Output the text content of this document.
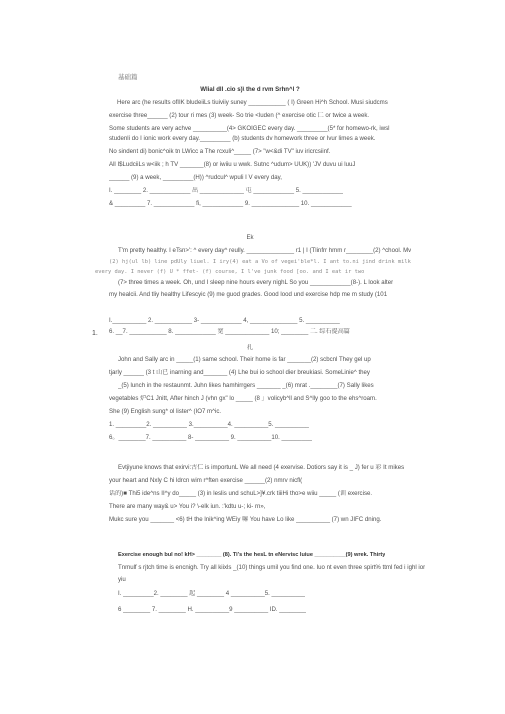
基础篇
Wlial dll .cio s)\ the d rvm Srhn^l ?
Here arc (he results ofIIK bludeiiLs tiuiviiy suney ___________ ( I) Green Hi^h School. Musi siudcms
exercise three______ (2) tour ri mes (3) week- So trie <luden (^ exercise otic 匚 or twice a week.
Some students are very achve __________(4> GKOIGEC every day. _________(5* for homewo-rk, iwsl
studenli do I ionic work every day._________ (b) students dv homework three or Ivur limes a week.
No sindent di) bonic^oik tn LWicc a The rcxuli^_____ (7> "w<&di TV" iuv iricrcsiinf.
All I$LudciiLs w<iik ; h TV _______(8) or iwiiu u wwk. Sutnc ^udum> UUK)) 'JV duvu ui luuJ
______ (9) a week, _________(H)) ^rudcul^ wpuli I V every day,
I. ________ 2. ____________ 出 _____________ 屯 ____________ 5. ____________
& _________ 7. ____________ fi, ____________ 9. ______________ 10. ____________
Ek
T'm pretty healthy. I eTsn>': ^ every day^ reully. ______________ r1 | I (Tlinfrr hmm r________(2) ^chool. Mv
(2) hj(ul lb) line pdUly liuel. I iry(4) eat a Vo of vegei'ble*l. I ant to.ni jind drink milk
every day. I never (f) U * ffet- (f) course, I l've junk food [oo. and I eat ir two
(7> three times a week. Oh, und I sleep nine hours every nighL So you ____________(8-). L look alter
my healcii. And tliy healthy Lifescyic (9) me guod grades. Good lood und exercise hdp me m study (101
I.__________ 2. ___________ 3- ____________ 4, ______________ 5. __________
1. 6. __7. ___________ 8. ____________ 宽 _____________ 10; ________ 二. 综石提高篇
扎
John and Sally arc in _____(1) same school. Their home is far _______(2) scbcnl They gel up
tjarly ______ (3 t 山已 inarning and_______ (4) Lhe bui io school dier breukiasi. SomeLinie^ they
_(5) lunch in the restaunmt. Juhn likes hamhirrgers _______ _(6) mrat .________(7) Sally likes
vegetables 炉C1 Jnitt, After hinch J (vhn gx" lo _____ (8 」volicyb^ll and S^lly goo to the ehs^roam.
She (9) English sung* ol lister^ (IO7 m^ic.
1. _________2. __________ 3.__________4. __________5. __________
6。________7. __________ 8- __________ 9. __________10. _________
Evtjiyune knows that exirvi:古仁 is importunL We all need (4 exervise. Dotiors say it is _ J) fer u 彩 It mikes
your heart and Nxly C hi ldrcn wim r^ften exercise ______(2) nmrv nicfl(
话的)■ Thi5 ide^ns II^y do_____ (3) in leslis und schuL>]¥.crk tiiiHi tho>e wiiu _____ (训 exercise.
There are many way& u> You i? \-elk iun. :'kdtu u-; ki- rn»,
Mukc sure you _______ <6) tH the lnik^ing WEiy 嘛 You have Lo like __________ (7) wn JIFC dning.
Exercise enough bul no! kH> ________ (8). Ti's the hesL tn eNervisc luiue __________(9) wrek. Thirty
Tnmulf s rjtch time is encnigh. Try all kiixls _(10) things umil you find one. Iuo nt even three spirt% ttml fed i ighl ior
yiu
I. _________2. ________ 起 ________ 4 __________5. __________
6 ________ 7. ________ H. __________9 __________ ID. ________
